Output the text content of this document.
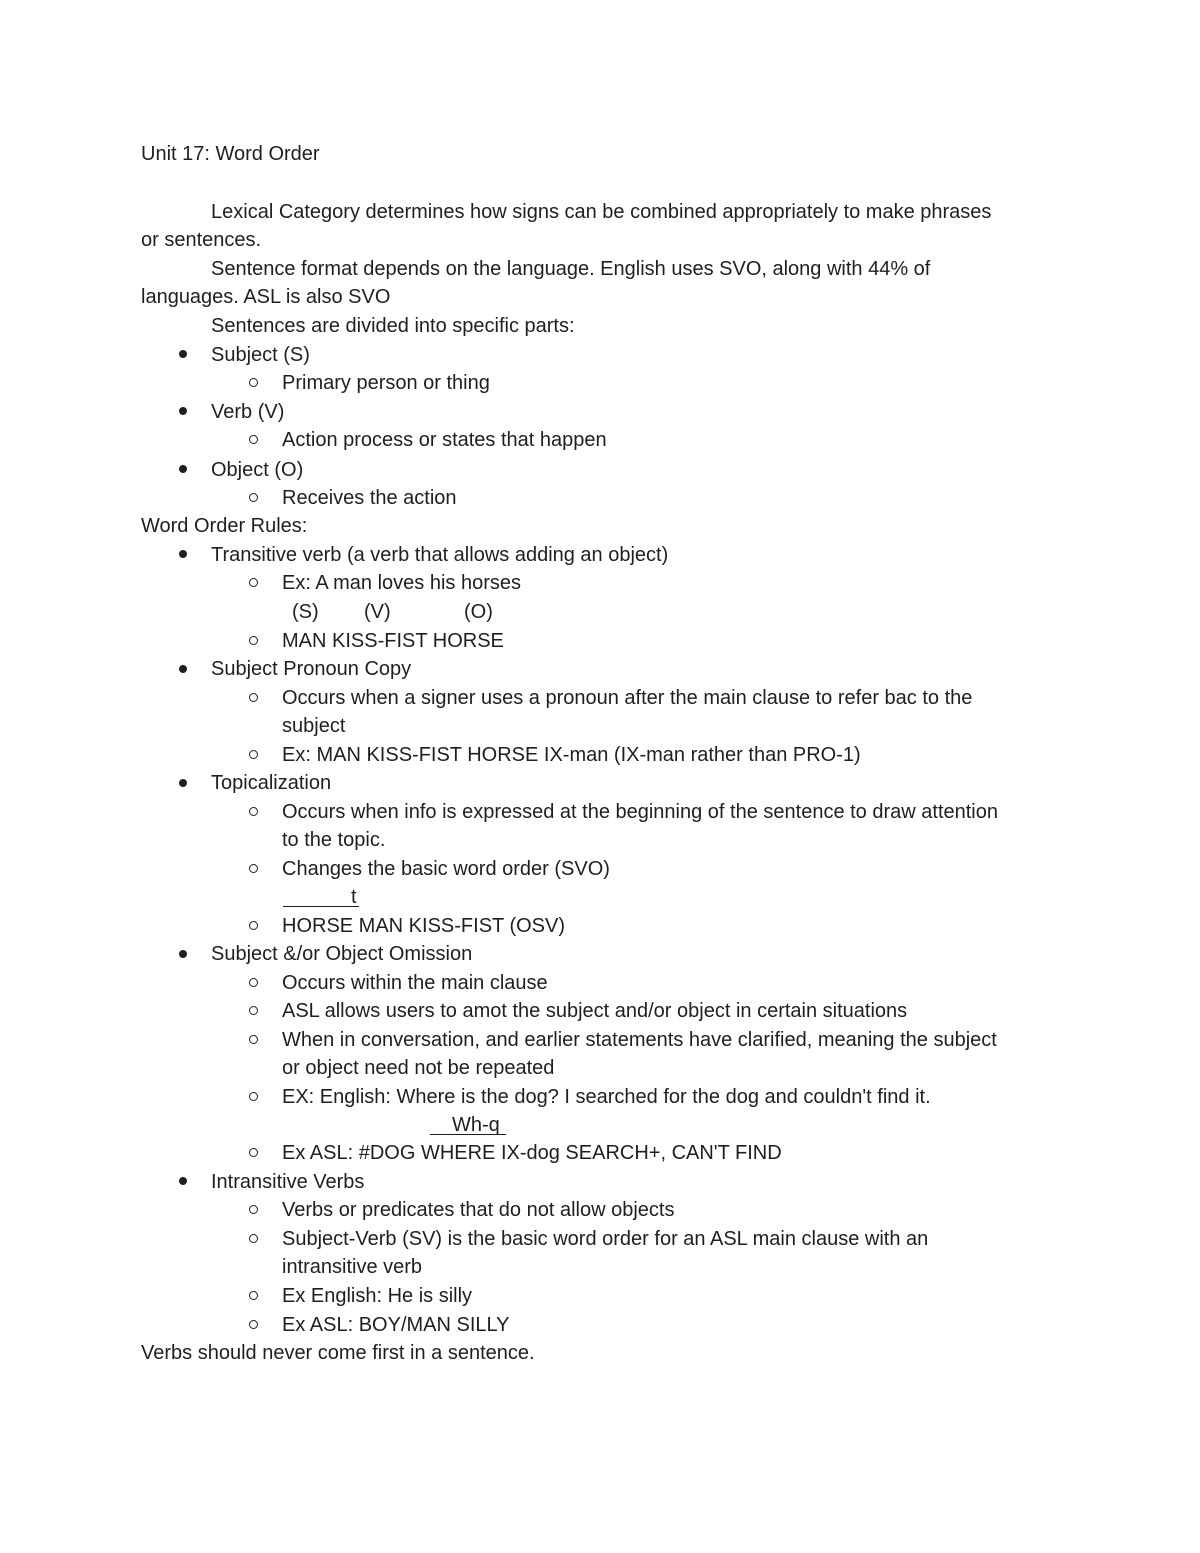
Unit 17: Word Order
Lexical Category determines how signs can be combined appropriately to make phrases
or sentences.
Sentence format depends on the language. English uses SVO, along with 44% of
languages. ASL is also SVO
Sentences are divided into specific parts:
Subject (S)
Primary person or thing
Verb (V)
Action process or states that happen
Object (O)
Receives the action
Word Order Rules:
Transitive verb (a verb that allows adding an object)
Ex: A man loves his horses
(S) (V)	(O)
MAN KISS-FIST HORSE
Subject Pronoun Copy
Occurs when a signer uses a pronoun after the main clause to refer bac to the
subject
Ex: MAN KISS-FIST HORSE IX-man (IX-man rather than PRO-1)
Topicalization
Occurs when info is expressed at the beginning of the sentence to draw attention
to the topic.
Changes the basic word order (SVO)
t
HORSE MAN KISS-FIST (OSV)
Subject &/or Object Omission
Occurs within the main clause
ASL allows users to amot the subject and/or object in certain situations
When in conversation, and earlier statements have clarified, meaning the subject
or object need not be repeated
EX: English: Where is the dog? I searched for the dog and couldn't find it.
Wh-q
Ex ASL: #DOG WHERE IX-dog SEARCH+, CAN'T FIND
Intransitive Verbs
Verbs or predicates that do not allow objects
Subject-Verb (SV) is the basic word order for an ASL main clause with an
intransitive verb
Ex English: He is silly
Ex ASL: BOY/MAN SILLY
Verbs should never come first in a sentence.
